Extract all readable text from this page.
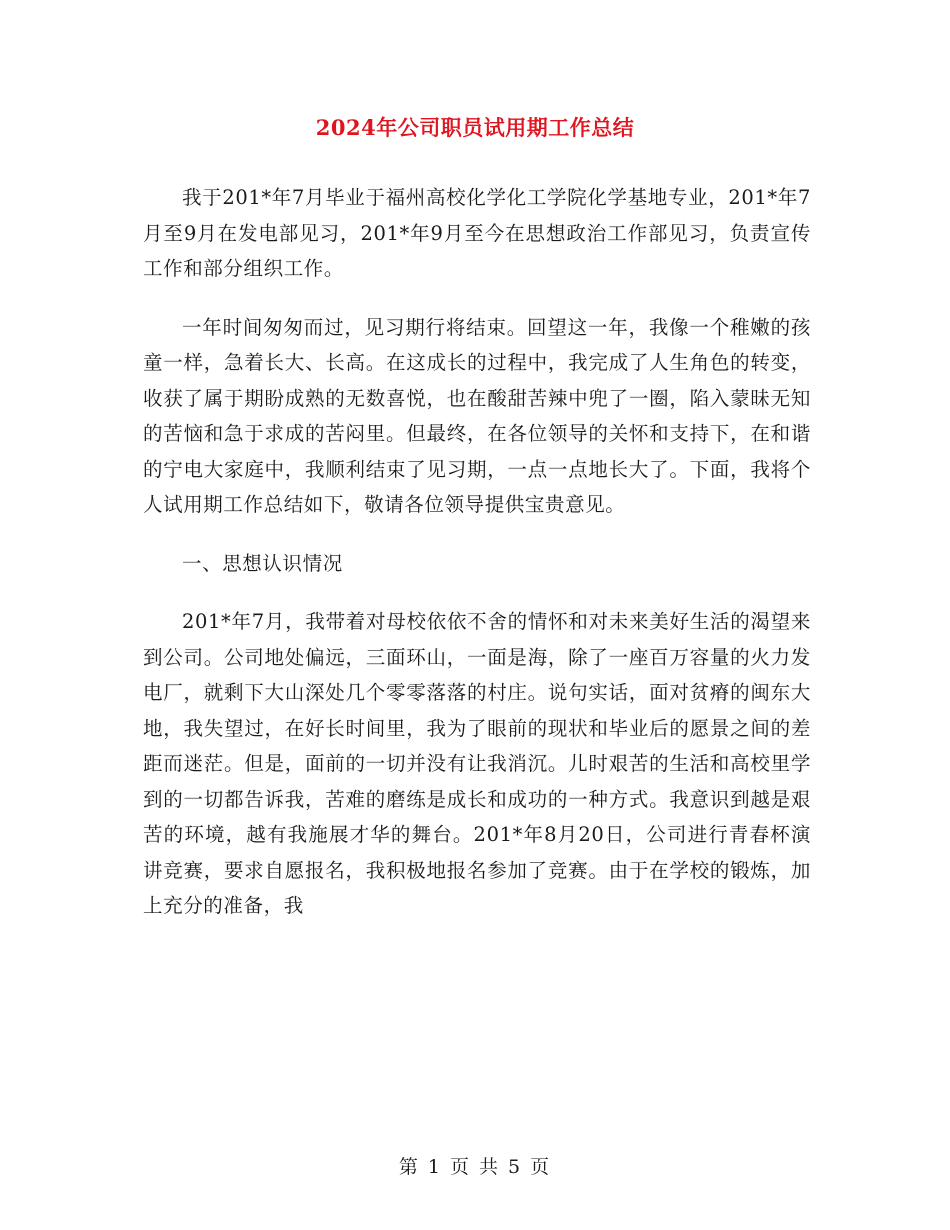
2024年公司职员试用期工作总结

我于201*年7月毕业于福州高校化学化工学院化学基地专业，201*年7月至9月在发电部见习，201*年9月至今在思想政治工作部见习，负责宣传工作和部分组织工作。

一年时间匆匆而过，见习期行将结束。回望这一年，我像一个稚嫩的孩童一样，急着长大、长高。在这成长的过程中，我完成了人生角色的转变，收获了属于期盼成熟的无数喜悦，也在酸甜苦辣中兜了一圈，陷入蒙昧无知的苦恼和急于求成的苦闷里。但最终，在各位领导的关怀和支持下，在和谐的宁电大家庭中，我顺利结束了见习期，一点一点地长大了。下面，我将个人试用期工作总结如下，敬请各位领导提供宝贵意见。

一、思想认识情况

201*年7月，我带着对母校依依不舍的情怀和对未来美好生活的渴望来到公司。公司地处偏远，三面环山，一面是海，除了一座百万容量的火力发电厂，就剩下大山深处几个零零落落的村庄。说句实话，面对贫瘠的闽东大地，我失望过，在好长时间里，我为了眼前的现状和毕业后的愿景之间的差距而迷茫。但是，面前的一切并没有让我消沉。儿时艰苦的生活和高校里学到的一切都告诉我，苦难的磨练是成长和成功的一种方式。我意识到越是艰苦的环境，越有我施展才华的舞台。201*年8月20日，公司进行青春杯演讲竞赛，要求自愿报名，我积极地报名参加了竞赛。由于在学校的锻炼，加上充分的准备，我

第 1 页 共 5 页
